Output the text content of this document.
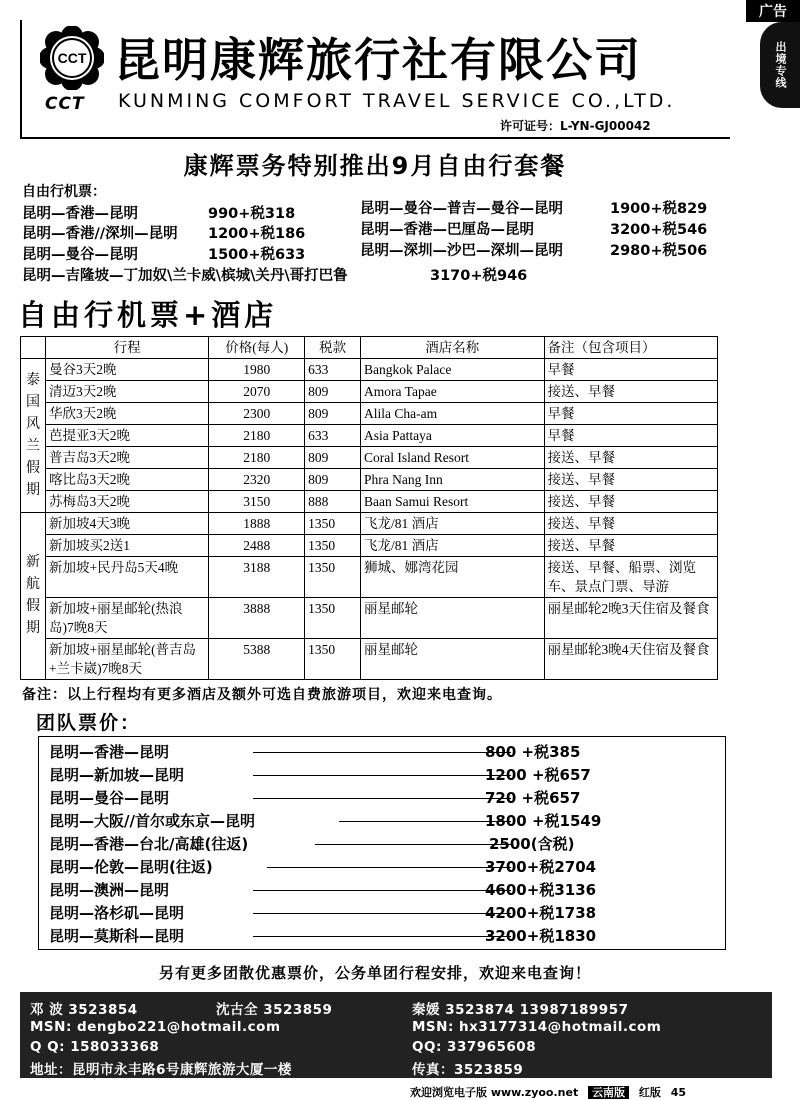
广告
出境专线
CCT
CCT
昆明康辉旅行社有限公司
KUNMING COMFORT TRAVEL SERVICE CO.,LTD.
许可证号：L-YN-GJ00042
康辉票务特别推出9月自由行套餐
自由行机票：
昆明—香港—昆明	990+税318
昆明—香港//深圳—昆明 1200+税186
昆明—曼谷—昆明	1500+税633
昆明—曼谷—普吉—曼谷—昆明	1900+税829
昆明—香港—巴厘岛—昆明	3200+税546
昆明—深圳—沙巴—深圳—昆明	2980+税506
昆明—吉隆坡—丁加奴\兰卡威\槟城\关丹\哥打巴鲁	3170+税946
自由行机票+酒店
	行程	价格(每人)	税款	酒店名称	备注（包含项目）

泰国风兰假期	曼谷3天2晚	1980	633	Bangkok Palace	早餐
	清迈3天2晚	2070	809	Amora Tapae	接送、早餐
	华欣3天2晚	2300	809	Alila Cha-am	早餐
	芭提亚3天2晚	2180	633	Asia Pattaya	早餐
	普吉岛3天2晚	2180	809	Coral Island Resort	接送、早餐
	喀比岛3天2晚	2320	809	Phra Nang Inn	接送、早餐
	苏梅岛3天2晚	3150	888	Baan Samui Resort	接送、早餐

新航假期	新加坡4天3晚	1888	1350	飞龙/81 酒店	接送、早餐
	新加坡买2送1	2488	1350	飞龙/81 酒店	接送、早餐
	新加坡+民丹岛5天4晚	3188	1350	狮城、娜湾花园	接送、早餐、船票、浏览车、景点门票、导游
	新加坡+丽星邮轮(热浪岛)7晚8天	3888	1350	丽星邮轮	丽星邮轮2晚3天住宿及餐食
	新加坡+丽星邮轮(普吉岛+兰卡崴)7晚8天	5388	1350	丽星邮轮	丽星邮轮3晚4天住宿及餐食
备注：以上行程均有更多酒店及额外可选自费旅游项目，欢迎来电查询。
团队票价：
昆明—香港—昆明	800 +税385
昆明—新加坡—昆明	1200 +税657
昆明—曼谷—昆明	720 +税657
昆明—大阪//首尔或东京—昆明	1800 +税1549
昆明—香港—台北/高雄(往返)	2500(含税)
昆明—伦敦—昆明(往返)	3700+税2704
昆明—澳洲—昆明	4600+税3136
昆明—洛杉矶—昆明	4200+税1738
昆明—莫斯科—昆明	3200+税1830
另有更多团散优惠票价，公务单团行程安排，欢迎来电查询！
邓 波 3523854	沈古全 3523859	秦媛 3523874 13987189957
MSN: dengbo221@hotmail.com	MSN: hx3177314@hotmail.com
Q Q: 158033368	QQ: 337965608
地址：昆明市永丰路6号康辉旅游大厦一楼	传真：3523859
欢迎浏览电子版 www.zyoo.net 云南版 红版 45
